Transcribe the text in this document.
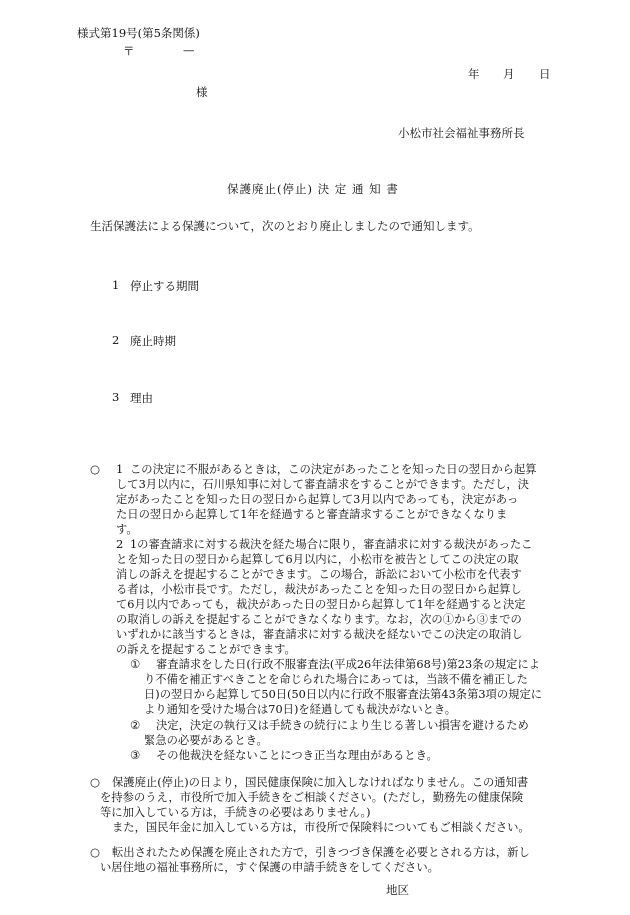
様式第19号(第5条関係)
〒	—
年 月 日
様
小松市社会福祉事務所長
保護廃止(停止) 決 定 通 知 書
生活保護法による保護について，次のとおり廃止しましたので通知します。
1 停止する期間
2 廃止時期
3 理由
○ 1 この決定に不服があるときは，この決定があったことを知った日の翌日から起算
して3月以内に，石川県知事に対して審査請求をすることができます。ただし，決
定があったことを知った日の翌日から起算して3月以内であっても，決定があっ
た日の翌日から起算して1年を経過すると審査請求することができなくなりま
す。
2 1の審査請求に対する裁決を経た場合に限り，審査請求に対する裁決があったこ
とを知った日の翌日から起算して6月以内に，小松市を被告としてこの決定の取
消しの訴えを提起することができます。この場合，訴訟において小松市を代表す
る者は，小松市長です。ただし，裁決があったことを知った日の翌日から起算し
て6月以内であっても，裁決があった日の翌日から起算して1年を経過すると決定
の取消しの訴えを提起することができなくなります。なお，次の①から③までの
いずれかに該当するときは，審査請求に対する裁決を経ないでこの決定の取消し
の訴えを提起することができます。
① 審査請求をした日(行政不服審査法(平成26年法律第68号)第23条の規定によ
り不備を補正すべきことを命じられた場合にあっては，当該不備を補正した
日)の翌日から起算して50日(50日以内に行政不服審査法第43条第3項の規定に
より通知を受けた場合は70日)を経過しても裁決がないとき。
② 決定，決定の執行又は手続きの続行により生じる著しい損害を避けるため
緊急の必要があるとき。
③ その他裁決を経ないことにつき正当な理由があるとき。
○ 保護廃止(停止)の日より，国民健康保険に加入しなければなりません。この通知書
を持参のうえ，市役所で加入手続きをご相談ください。(ただし，勤務先の健康保険
等に加入している方は，手続きの必要はありません。)
また，国民年金に加入している方は，市役所で保険料についてもご相談ください。
○ 転出されたため保護を廃止された方で，引きつづき保護を必要とされる方は，新し
い居住地の福祉事務所に，すぐ保護の申請手続きをしてください。
地区
